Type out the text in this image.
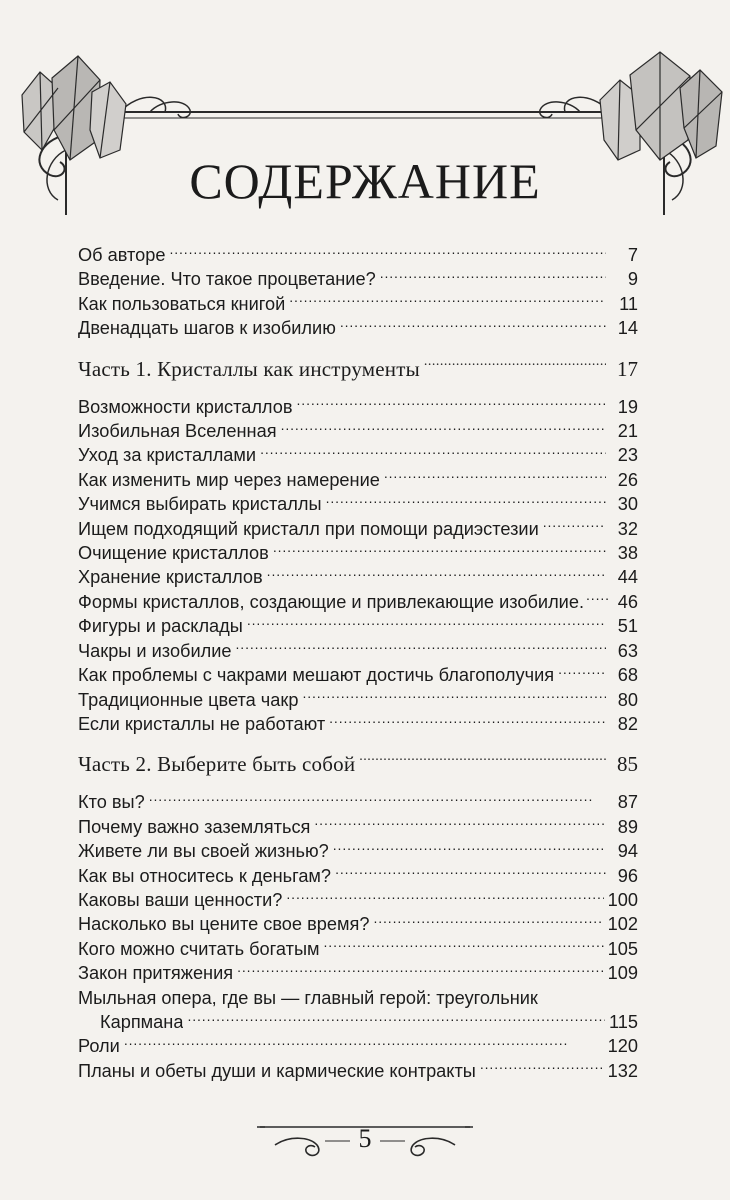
СОДЕРЖАНИЕ
Об авторе . . .	7
Введение. Что такое процветание? . . .	9
Как пользоваться книгой . . .	11
Двенадцать шагов к изобилию . . .	14
Часть 1. Кристаллы как инструменты . . .	17
Возможности кристаллов . . .	19
Изобильная Вселенная . . .	21
Уход за кристаллами . . .	23
Как изменить мир через намерение . . .	26
Учимся выбирать кристаллы . . .	30
Ищем подходящий кристалл при помощи радиэстезии . . .	32
Очищение кристаллов . . .	38
Хранение кристаллов . . .	44
Формы кристаллов, создающие и привлекающие изобилие. . . .	46
Фигуры и расклады . . .	51
Чакры и изобилие . . .	63
Как проблемы с чакрами мешают достичь благополучия . . .	68
Традиционные цвета чакр . . .	80
Если кристаллы не работают . . .	82
Часть 2. Выберите быть собой . . .	85
Кто вы? . . .	87
Почему важно заземляться . . .	89
Живете ли вы своей жизнью? . . .	94
Как вы относитесь к деньгам? . . .	96
Каковы ваши ценности? . . .	100
Насколько вы цените свое время? . . .	102
Кого можно считать богатым . . .	105
Закон притяжения . . .	109
Мыльная опера, где вы — главный герой: треугольник
Карпмана . . .	115
Роли . . .	120
Планы и обеты души и кармические контракты . . .	132
5
